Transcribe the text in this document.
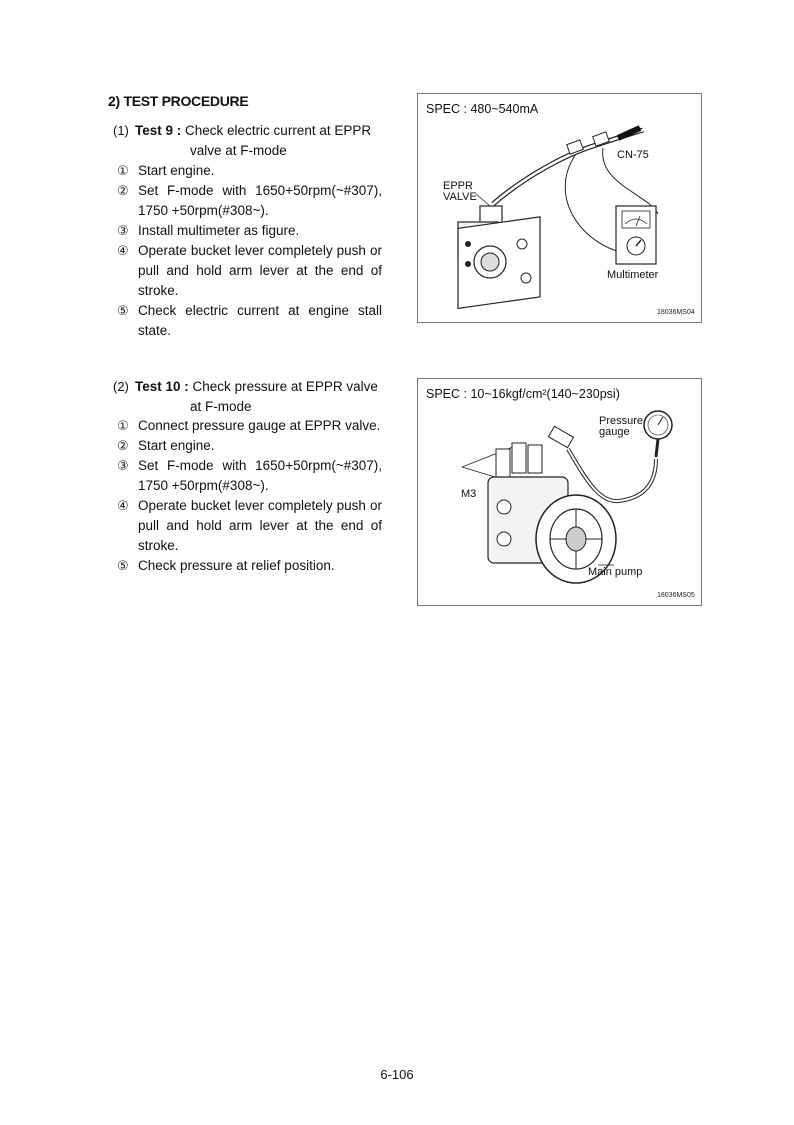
2) TEST PROCEDURE
(1) Test 9 : Check electric current at EPPR
valve at F-mode
① Start engine.
② Set F-mode with 1650+50rpm(~#307), 1750 +50rpm(#308~).
③ Install multimeter as figure.
④ Operate bucket lever completely push or pull and hold arm lever at the end of stroke.
⑤ Check electric current at engine stall state.
SPEC : 480~540mA
CN-75
EPPR
VALVE
Multimeter
18036MS04
(2) Test 10 : Check pressure at EPPR valve
at F-mode
① Connect pressure gauge at EPPR valve.
② Start engine.
③ Set F-mode with 1650+50rpm(~#307), 1750 +50rpm(#308~).
④ Operate bucket lever completely push or pull and hold arm lever at the end of stroke.
⑤ Check pressure at relief position.
SPEC : 10~16kgf/cm²(140~230psi)
Pressure
gauge
M3
Main pump
18036MS05
6-106
